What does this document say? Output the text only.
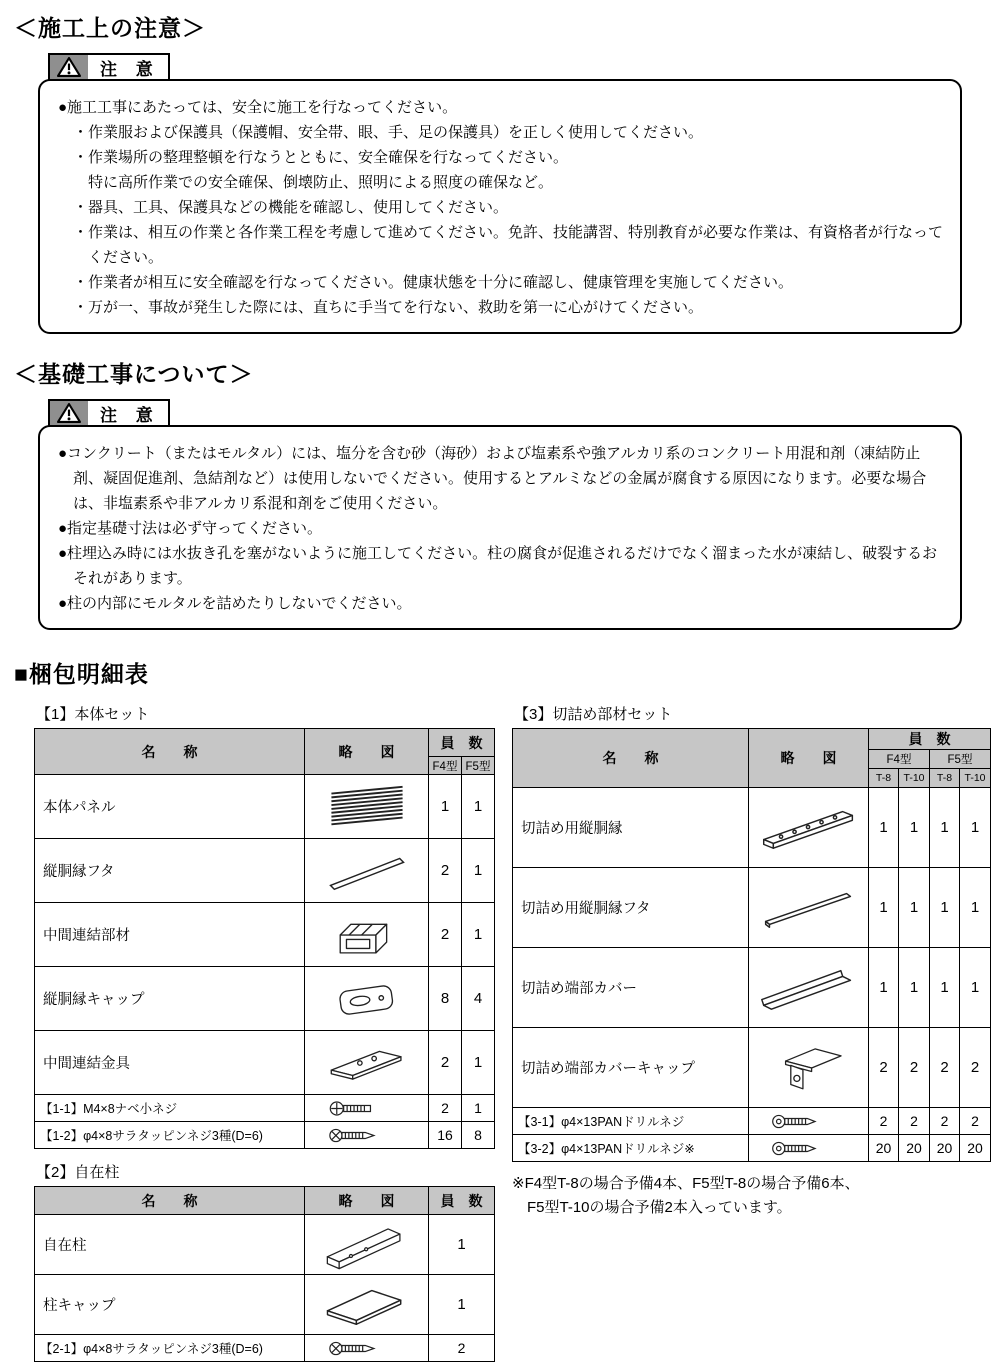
＜施工上の注意＞
注 意
●施工工事にあたっては、安全に施工を行なってください。
・作業服および保護具（保護帽、安全帯、眼、手、足の保護具）を正しく使用してください。
・作業場所の整理整頓を行なうとともに、安全確保を行なってください。
特に高所作業での安全確保、倒壊防止、照明による照度の確保など。
・器具、工具、保護具などの機能を確認し、使用してください。
・作業は、相互の作業と各作業工程を考慮して進めてください。免許、技能講習、特別教育が必要な作業は、有資格者が行なってください。
・作業者が相互に安全確認を行なってください。健康状態を十分に確認し、健康管理を実施してください。
・万が一、事故が発生した際には、直ちに手当てを行ない、救助を第一に心がけてください。
＜基礎工事について＞
注 意
●コンクリート（またはモルタル）には、塩分を含む砂（海砂）および塩素系や強アルカリ系のコンクリート用混和剤（凍結防止剤、凝固促進剤、急結剤など）は使用しないでください。使用するとアルミなどの金属が腐食する原因になります。必要な場合は、非塩素系や非アルカリ系混和剤をご使用ください。
●指定基礎寸法は必ず守ってください。
●柱埋込み時には水抜き孔を塞がないように施工してください。柱の腐食が促進されるだけでなく溜まった水が凍結し、破裂するおそれがあります。
●柱の内部にモルタルを詰めたりしないでください。
■梱包明細表
【1】本体セット
名　　称	略　　図	員　数	
		F4型	F5型
本体パネル		1	1
縦胴縁フタ		2	1
中間連結部材		2	1
縦胴縁キャップ		8	4
中間連結金具		2	1
【1-1】M4×8ナベ小ネジ		2	1
【1-2】φ4×8サラタッピンネジ3種(D=6)		16	8
【2】自在柱
名　　称	略　　図	員　数
自在柱		1
柱キャップ		1
【2-1】φ4×8サラタッピンネジ3種(D=6)		2
【3】切詰め部材セット
名　　称	略　　図	員　数			
		F4型		F5型	
		T-8	T-10	T-8	T-10
切詰め用縦胴縁		1	1	1	1
切詰め用縦胴縁フタ		1	1	1	1
切詰め端部カバー		1	1	1	1
切詰め端部カバーキャップ		2	2	2	2
【3-1】φ4×13PANドリルネジ		2	2	2	2
【3-2】φ4×13PANドリルネジ※		20	20	20	20
※F4型T-8の場合予備4本、F5型T-8の場合予備6本、
F5型T-10の場合予備2本入っています。
